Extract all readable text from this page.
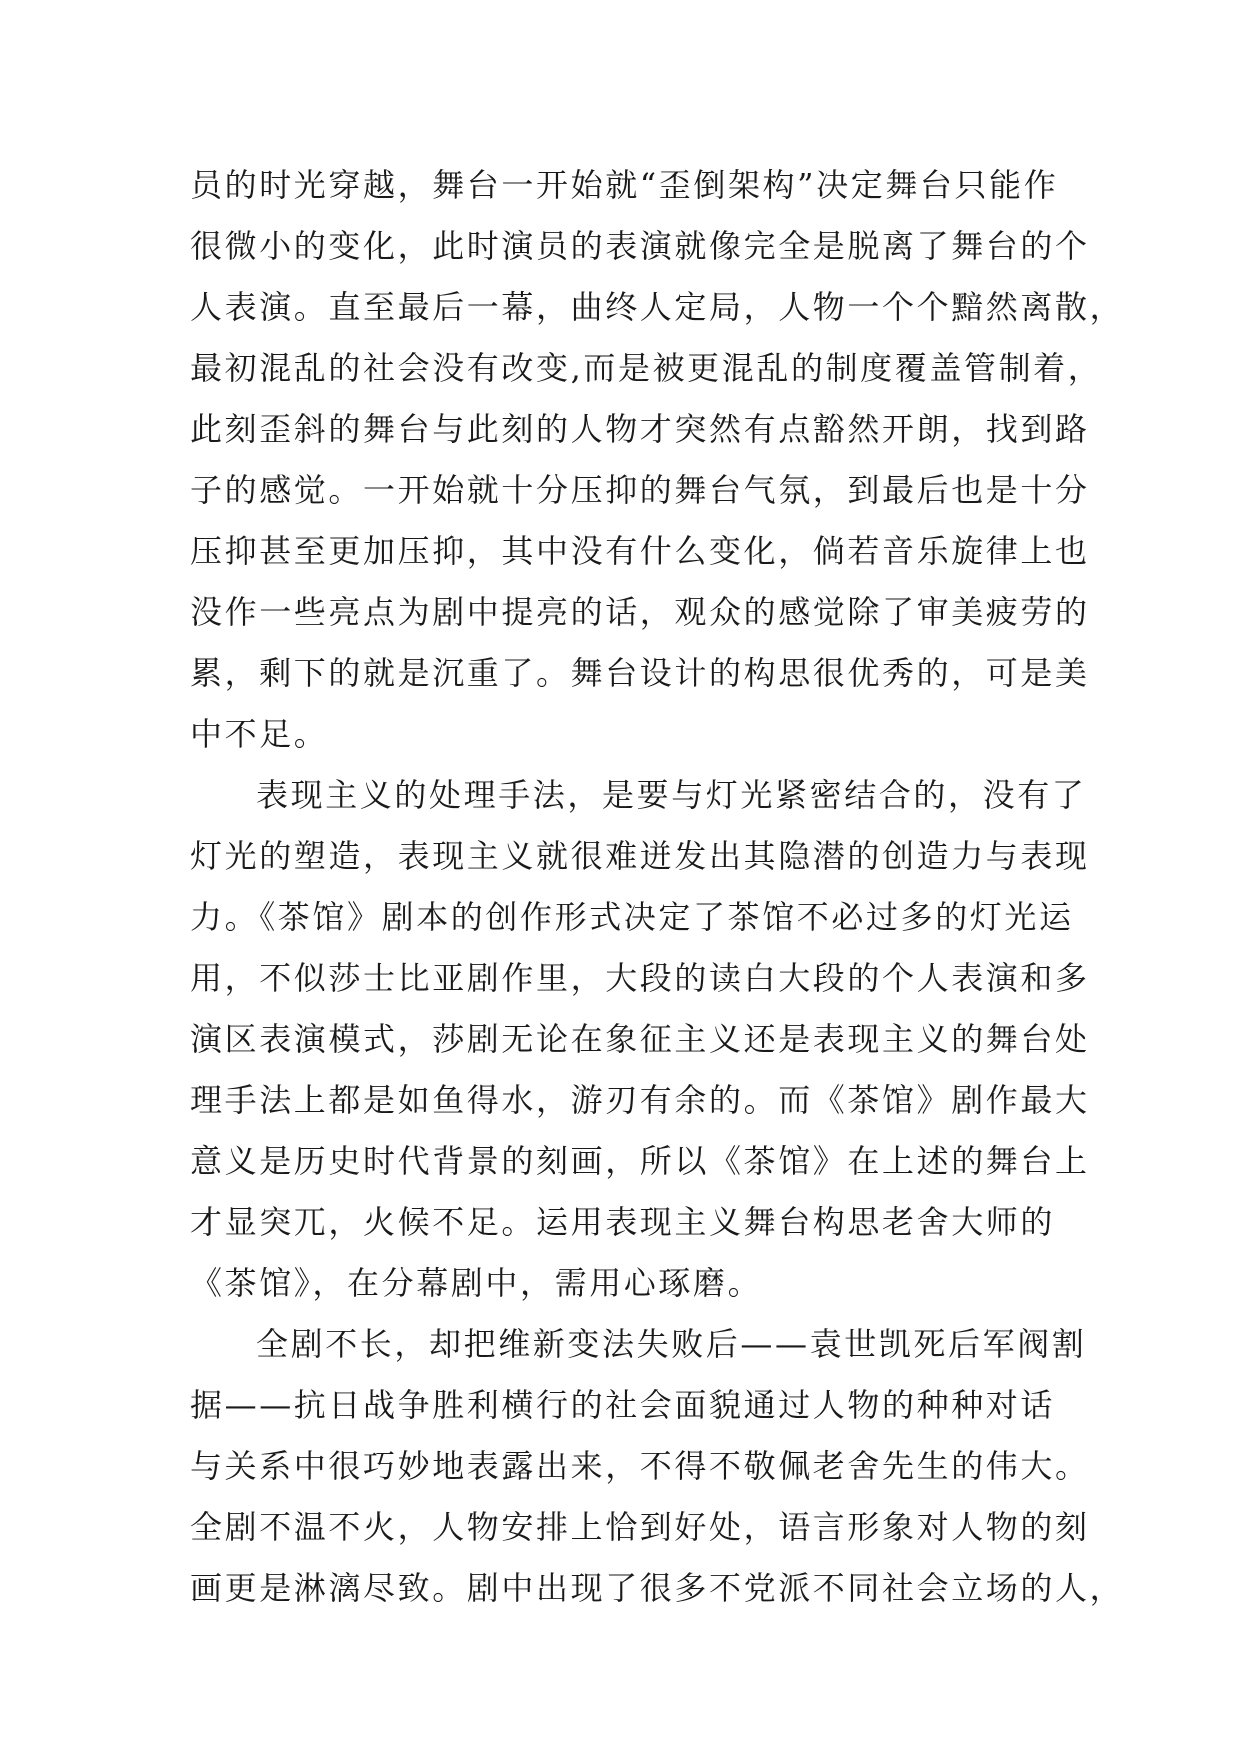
员的时光穿越，舞台一开始就“歪倒架构”决定舞台只能作
很微小的变化，此时演员的表演就像完全是脱离了舞台的个
人表演。直至最后一幕，曲终人定局，人物一个个黯然离散，
最初混乱的社会没有改变,而是被更混乱的制度覆盖管制着，
此刻歪斜的舞台与此刻的人物才突然有点豁然开朗，找到路
子的感觉。一开始就十分压抑的舞台气氛，到最后也是十分
压抑甚至更加压抑，其中没有什么变化，倘若音乐旋律上也
没作一些亮点为剧中提亮的话，观众的感觉除了审美疲劳的
累，剩下的就是沉重了。舞台设计的构思很优秀的，可是美
中不足。
表现主义的处理手法，是要与灯光紧密结合的，没有了
灯光的塑造，表现主义就很难迸发出其隐潜的创造力与表现
力。《茶馆》剧本的创作形式决定了茶馆不必过多的灯光运
用，不似莎士比亚剧作里，大段的读白大段的个人表演和多
演区表演模式，莎剧无论在象征主义还是表现主义的舞台处
理手法上都是如鱼得水，游刃有余的。而《茶馆》剧作最大
意义是历史时代背景的刻画，所以《茶馆》在上述的舞台上
才显突兀，火候不足。运用表现主义舞台构思老舍大师的
《茶馆》，在分幕剧中，需用心琢磨。
全剧不长，却把维新变法失败后——袁世凯死后军阀割
据——抗日战争胜利横行的社会面貌通过人物的种种对话
与关系中很巧妙地表露出来，不得不敬佩老舍先生的伟大。
全剧不温不火，人物安排上恰到好处，语言形象对人物的刻
画更是淋漓尽致。剧中出现了很多不党派不同社会立场的人，
